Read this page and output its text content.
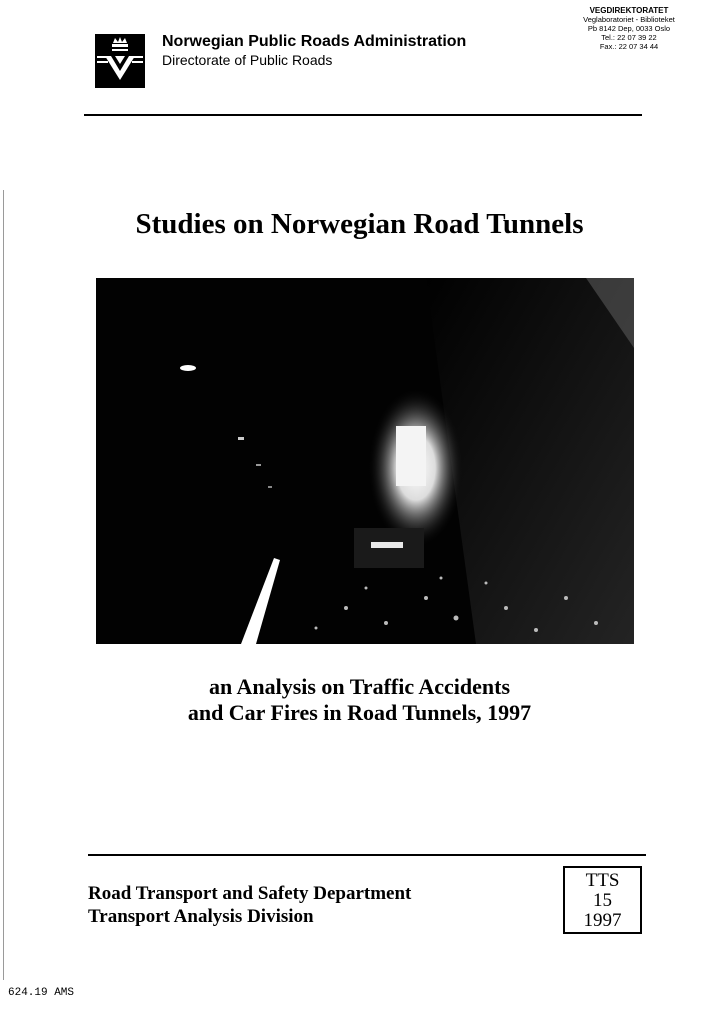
VEGDIREKTORATET
Veglaboratoriet - Biblioteket
Pb 8142 Dep, 0033 Oslo
Tel.: 22 07 39 22
Fax.: 22 07 34 44
Norwegian Public Roads Administration
Directorate of Public Roads
Studies on Norwegian Road Tunnels
an Analysis on Traffic Accidents
and Car Fires in Road Tunnels, 1997
Road Transport and Safety Department
Transport Analysis Division
TTS
15
1997
624.19 AMS
